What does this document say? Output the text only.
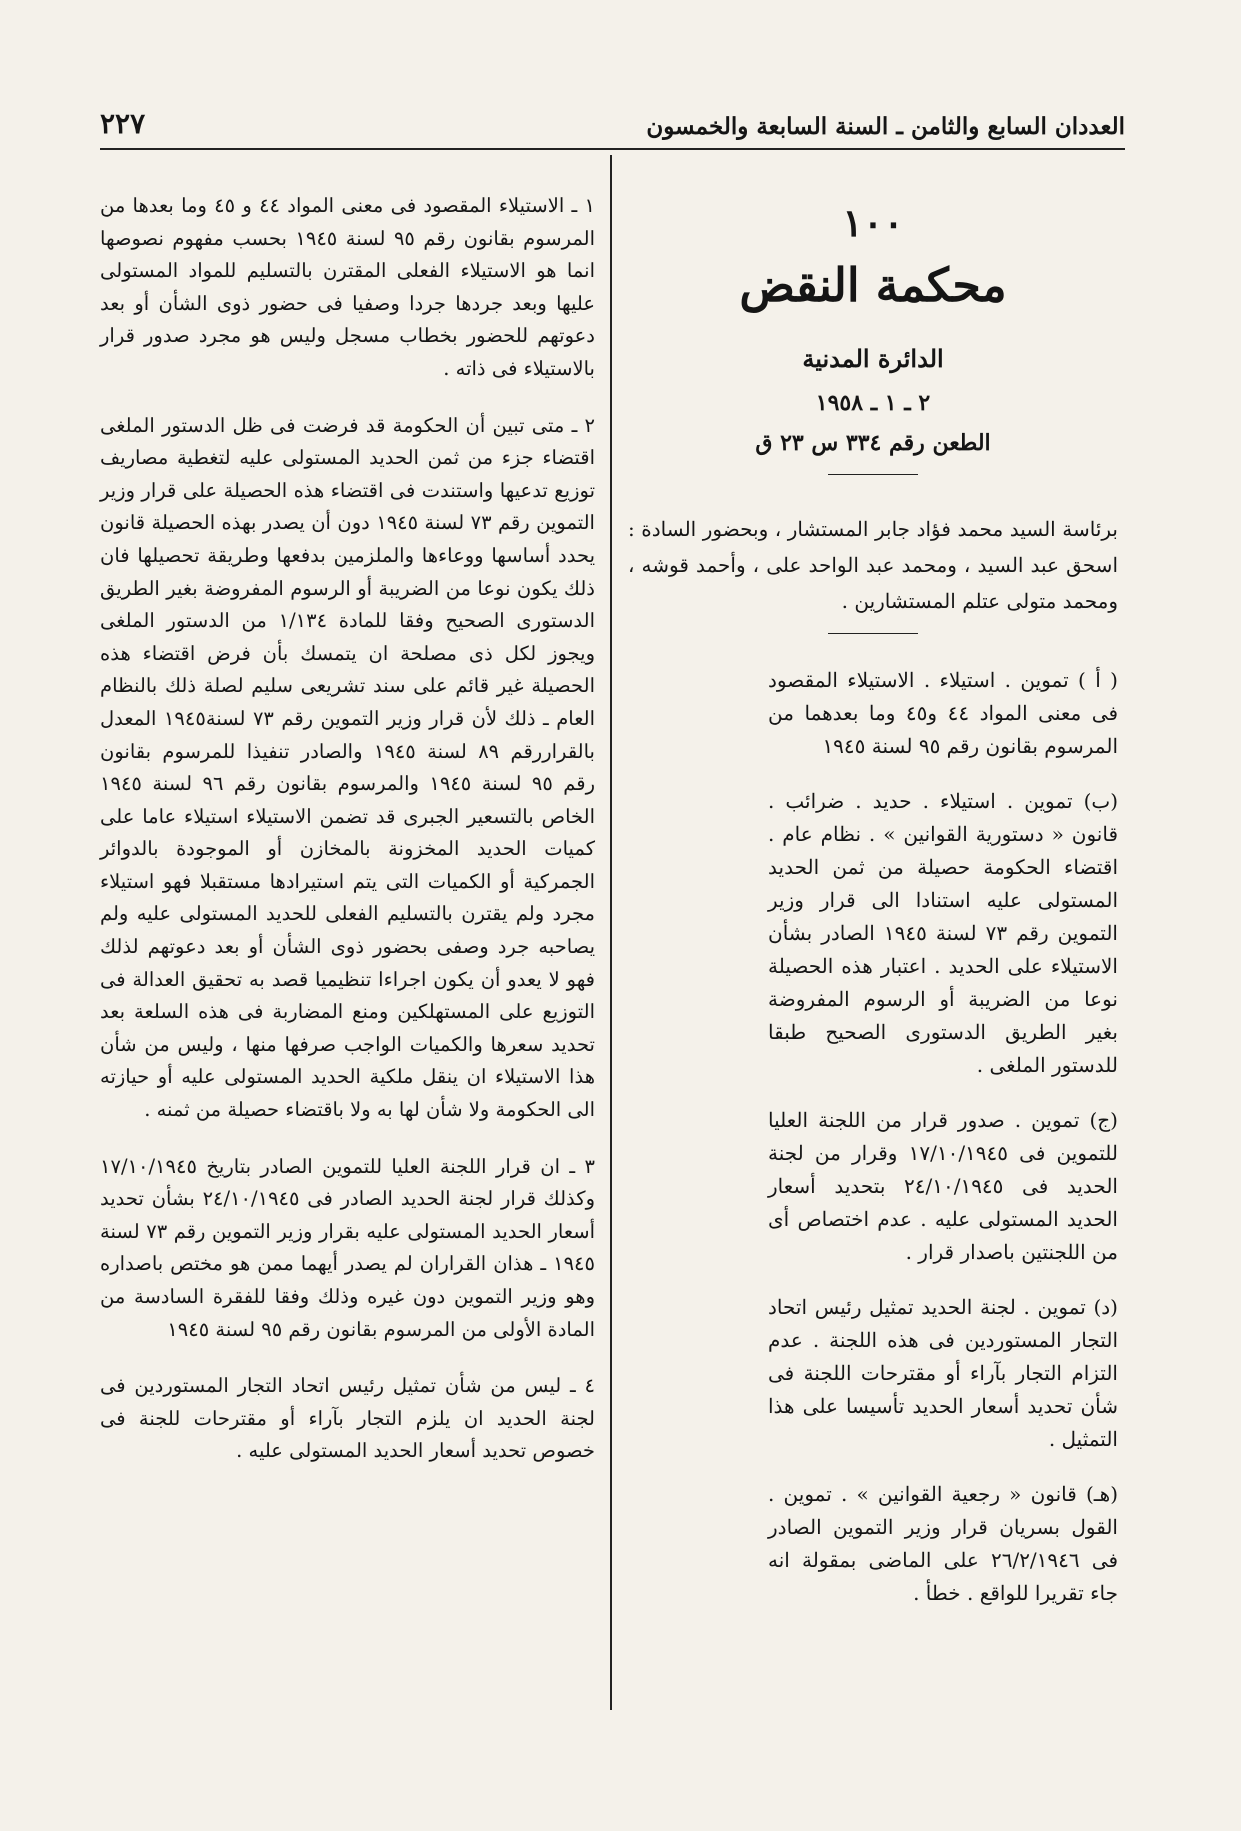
العددان السابع والثامن ـ السنة السابعة والخمسون
٢٢٧
١٠٠
محكمة النقض
الدائرة المدنية
٢ ـ ١ ـ ١٩٥٨
الطعن رقم ٣٣٤ س ٢٣ ق
برئاسة السيد محمد فؤاد جابر المستشار ، وبحضور السادة : اسحق عبد السيد ، ومحمد عبد الواحد على ، وأحمد قوشه ، ومحمد متولى عتلم المستشارين .
( أ ) تموين . استيلاء . الاستيلاء المقصود فى معنى المواد ٤٤ و٤٥ وما بعدهما من المرسوم بقانون رقم ٩٥ لسنة ١٩٤٥
(ب) تموين . استيلاء . حديد . ضرائب . قانون « دستورية القوانين » . نظام عام . اقتضاء الحكومة حصيلة من ثمن الحديد المستولى عليه استنادا الى قرار وزير التموين رقم ٧٣ لسنة ١٩٤٥ الصادر بشأن الاستيلاء على الحديد . اعتبار هذه الحصيلة نوعا من الضريبة أو الرسوم المفروضة بغير الطريق الدستورى الصحيح طبقا للدستور الملغى .
(ج) تموين . صدور قرار من اللجنة العليا للتموين فى ١٧/١٠/١٩٤٥ وقرار من لجنة الحديد فى ٢٤/١٠/١٩٤٥ بتحديد أسعار الحديد المستولى عليه . عدم اختصاص أى من اللجنتين باصدار قرار .
(د) تموين . لجنة الحديد تمثيل رئيس اتحاد التجار المستوردين فى هذه اللجنة . عدم التزام التجار بآراء أو مقترحات اللجنة فى شأن تحديد أسعار الحديد تأسيسا على هذا التمثيل .
(هـ) قانون « رجعية القوانين » . تموين . القول بسريان قرار وزير التموين الصادر فى ٢٦/٢/١٩٤٦ على الماضى بمقولة انه جاء تقريرا للواقع . خطأ .
١ ـ الاستيلاء المقصود فى معنى المواد ٤٤ و ٤٥ وما بعدها من المرسوم بقانون رقم ٩٥ لسنة ١٩٤٥ بحسب مفهوم نصوصها انما هو الاستيلاء الفعلى المقترن بالتسليم للمواد المستولى عليها وبعد جردها جردا وصفيا فى حضور ذوى الشأن أو بعد دعوتهم للحضور بخطاب مسجل وليس هو مجرد صدور قرار بالاستيلاء فى ذاته .
٢ ـ متى تبين أن الحكومة قد فرضت فى ظل الدستور الملغى اقتضاء جزء من ثمن الحديد المستولى عليه لتغطية مصاريف توزيع تدعيها واستندت فى اقتضاء هذه الحصيلة على قرار وزير التموين رقم ٧٣ لسنة ١٩٤٥ دون أن يصدر بهذه الحصيلة قانون يحدد أساسها ووعاءها والملزمين بدفعها وطريقة تحصيلها فان ذلك يكون نوعا من الضريبة أو الرسوم المفروضة بغير الطريق الدستورى الصحيح وفقا للمادة ١/١٣٤ من الدستور الملغى ويجوز لكل ذى مصلحة ان يتمسك بأن فرض اقتضاء هذه الحصيلة غير قائم على سند تشريعى سليم لصلة ذلك بالنظام العام ـ ذلك لأن قرار وزير التموين رقم ٧٣ لسنة١٩٤٥ المعدل بالقراررقم ٨٩ لسنة ١٩٤٥ والصادر تنفيذا للمرسوم بقانون رقم ٩٥ لسنة ١٩٤٥ والمرسوم بقانون رقم ٩٦ لسنة ١٩٤٥ الخاص بالتسعير الجبرى قد تضمن الاستيلاء استيلاء عاما على كميات الحديد المخزونة بالمخازن أو الموجودة بالدوائر الجمركية أو الكميات التى يتم استيرادها مستقبلا فهو استيلاء مجرد ولم يقترن بالتسليم الفعلى للحديد المستولى عليه ولم يصاحبه جرد وصفى بحضور ذوى الشأن أو بعد دعوتهم لذلك فهو لا يعدو أن يكون اجراءا تنظيميا قصد به تحقيق العدالة فى التوزيع على المستهلكين ومنع المضاربة فى هذه السلعة بعد تحديد سعرها والكميات الواجب صرفها منها ، وليس من شأن هذا الاستيلاء ان ينقل ملكية الحديد المستولى عليه أو حيازته الى الحكومة ولا شأن لها به ولا باقتضاء حصيلة من ثمنه .
٣ ـ ان قرار اللجنة العليا للتموين الصادر بتاريخ ١٧/١٠/١٩٤٥ وكذلك قرار لجنة الحديد الصادر فى ٢٤/١٠/١٩٤٥ بشأن تحديد أسعار الحديد المستولى عليه بقرار وزير التموين رقم ٧٣ لسنة ١٩٤٥ ـ هذان القراران لم يصدر أيهما ممن هو مختص باصداره وهو وزير التموين دون غيره وذلك وفقا للفقرة السادسة من المادة الأولى من المرسوم بقانون رقم ٩٥ لسنة ١٩٤٥
٤ ـ ليس من شأن تمثيل رئيس اتحاد التجار المستوردين فى لجنة الحديد ان يلزم التجار بآراء أو مقترحات للجنة فى خصوص تحديد أسعار الحديد المستولى عليه .
